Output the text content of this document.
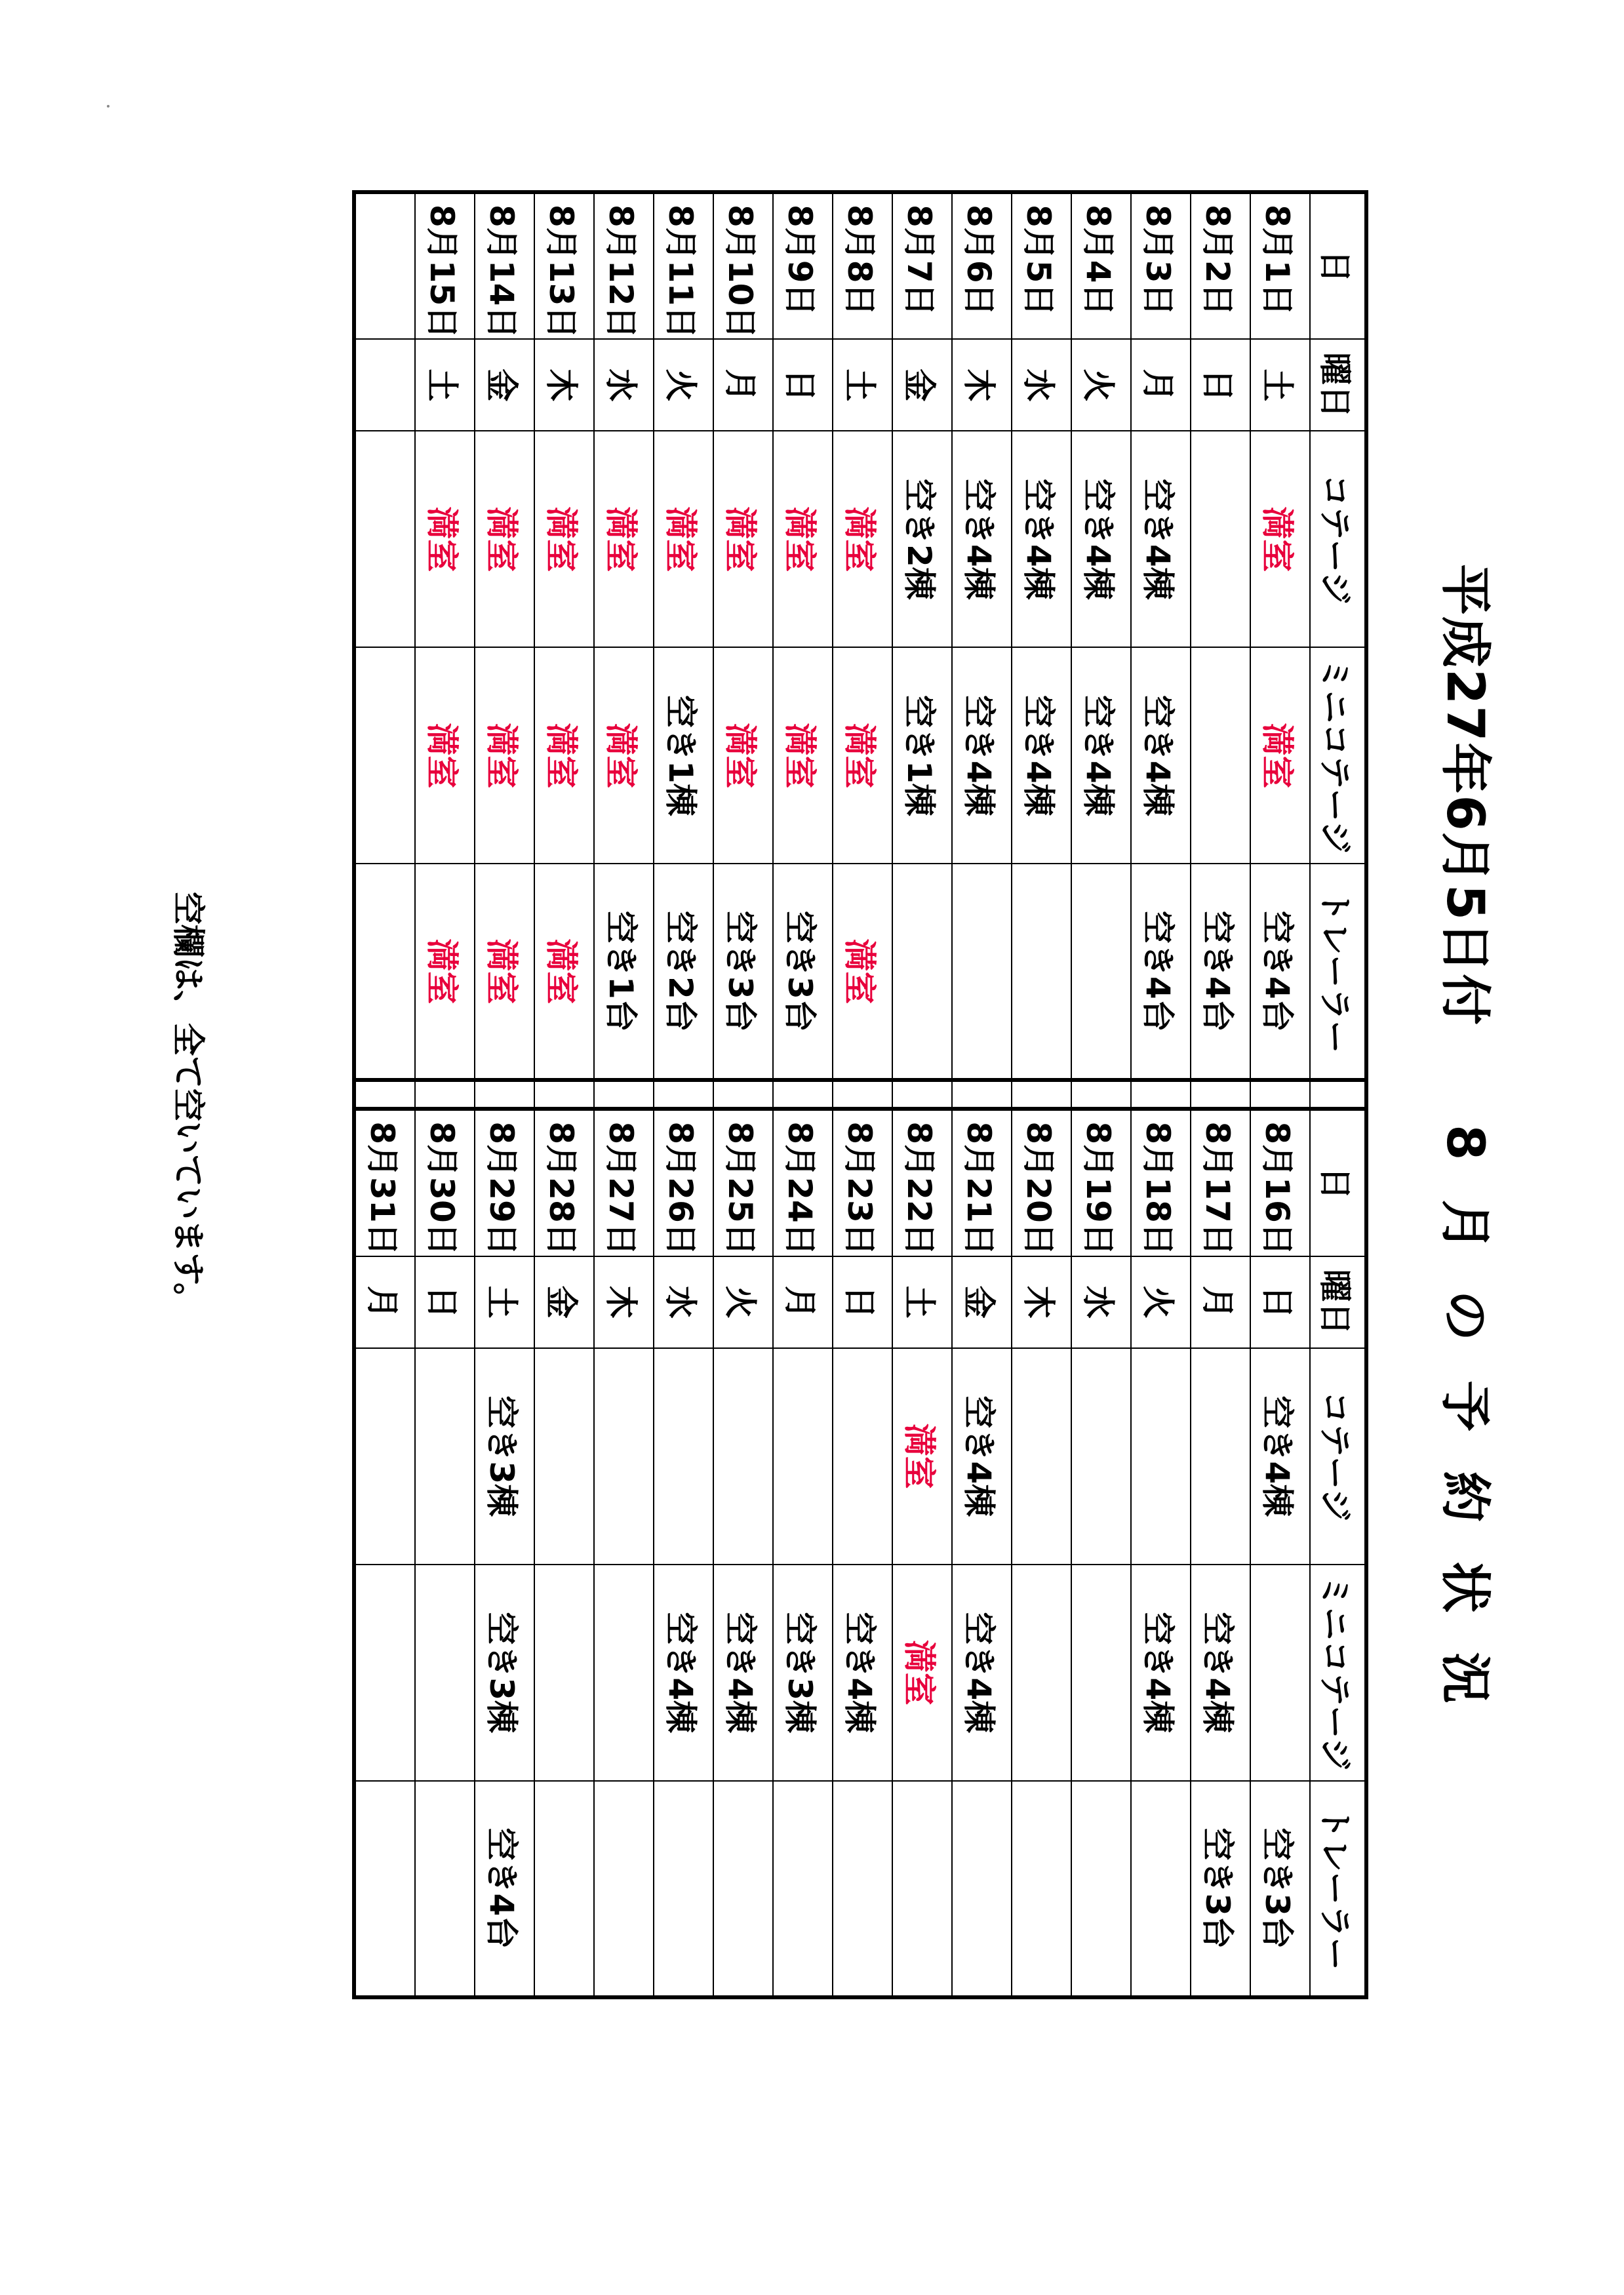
平成27年6月5日付8月の予約状況
日	曜日	コテージ	ミニコテージ	トレーラー		日	曜日	コテージ	ミニコテージ	トレーラー
8月1日	土	満室	満室	空き4台		8月16日	日	空き4棟		空き3台
8月2日	日			空き4台		8月17日	月		空き4棟	空き3台
8月3日	月	空き4棟	空き4棟	空き4台		8月18日	火		空き4棟	
8月4日	火	空き4棟	空き4棟			8月19日	水			
8月5日	水	空き4棟	空き4棟			8月20日	木			
8月6日	木	空き4棟	空き4棟			8月21日	金	空き4棟	空き4棟	
8月7日	金	空き2棟	空き1棟			8月22日	土	満室	満室	
8月8日	土	満室	満室	満室		8月23日	日		空き4棟	
8月9日	日	満室	満室	空き3台		8月24日	月		空き3棟	
8月10日	月	満室	満室	空き3台		8月25日	火		空き4棟	
8月11日	火	満室	空き1棟	空き2台		8月26日	水		空き4棟	
8月12日	水	満室	満室	空き1台		8月27日	木			
8月13日	木	満室	満室	満室		8月28日	金			
8月14日	金	満室	満室	満室		8月29日	土	空き3棟	空き3棟	空き4台
8月15日	土	満室	満室	満室		8月30日	日			
						8月31日	月			
空欄は、全て空いています。
